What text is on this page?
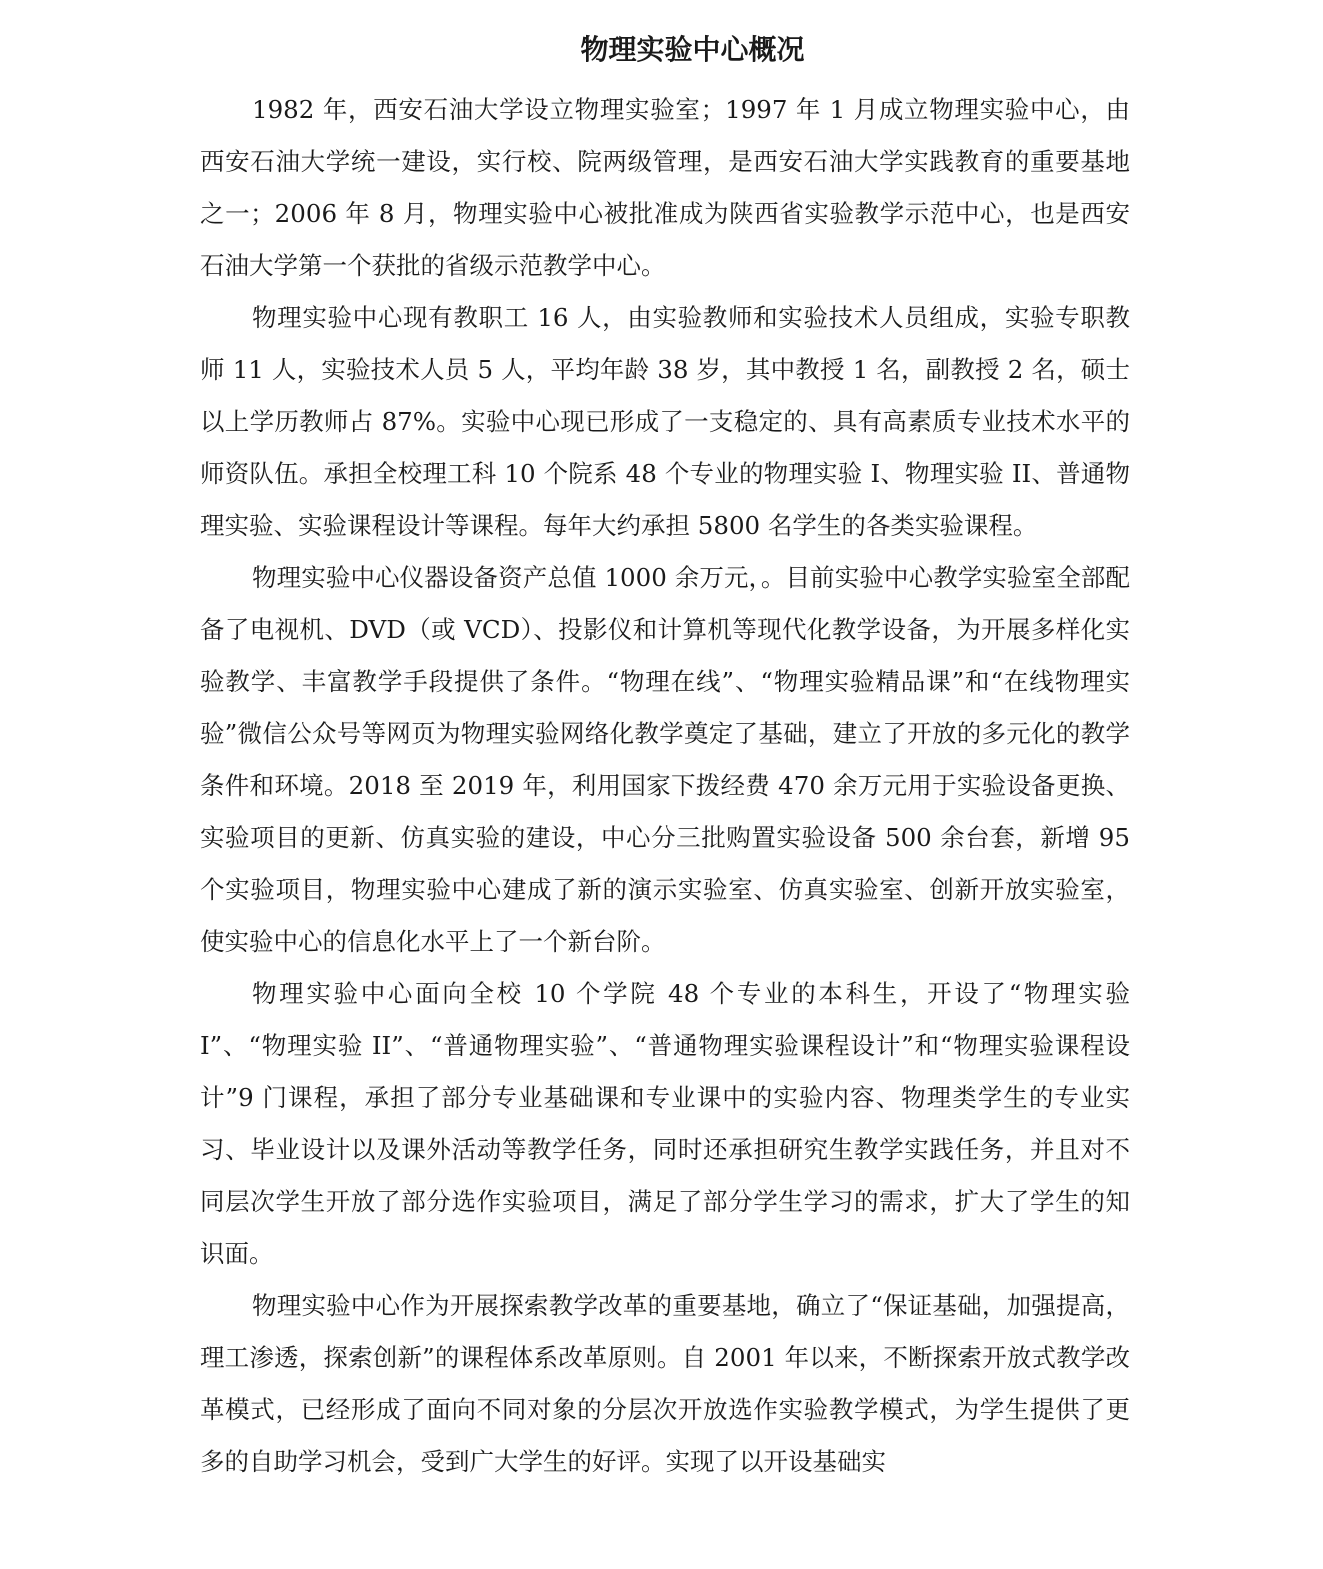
物理实验中心概况

1982 年，西安石油大学设立物理实验室；1997 年 1 月成立物理实验中心，由西安石油大学统一建设，实行校、院两级管理，是西安石油大学实践教育的重要基地之一；2006 年 8 月，物理实验中心被批准成为陕西省实验教学示范中心，也是西安石油大学第一个获批的省级示范教学中心。

物理实验中心现有教职工 16 人，由实验教师和实验技术人员组成，实验专职教师 11 人，实验技术人员 5 人，平均年龄 38 岁，其中教授 1 名，副教授 2 名，硕士以上学历教师占 87%。实验中心现已形成了一支稳定的、具有高素质专业技术水平的师资队伍。承担全校理工科 10 个院系 48 个专业的物理实验 I、物理实验 II、普通物理实验、实验课程设计等课程。每年大约承担 5800 名学生的各类实验课程。

物理实验中心仪器设备资产总值 1000 余万元，。目前实验中心教学实验室全部配备了电视机、DVD（或 VCD）、投影仪和计算机等现代化教学设备，为开展多样化实验教学、丰富教学手段提供了条件。“物理在线”、“物理实验精品课”和“在线物理实验”微信公众号等网页为物理实验网络化教学奠定了基础，建立了开放的多元化的教学条件和环境。2018 至 2019 年，利用国家下拨经费 470 余万元用于实验设备更换、实验项目的更新、仿真实验的建设，中心分三批购置实验设备 500 余台套，新增 95 个实验项目，物理实验中心建成了新的演示实验室、仿真实验室、创新开放实验室，使实验中心的信息化水平上了一个新台阶。

物理实验中心面向全校 10 个学院 48 个专业的本科生，开设了“物理实验 I”、“物理实验 II”、“普通物理实验”、“普通物理实验课程设计”和“物理实验课程设计”9 门课程，承担了部分专业基础课和专业课中的实验内容、物理类学生的专业实习、毕业设计以及课外活动等教学任务，同时还承担研究生教学实践任务，并且对不同层次学生开放了部分选作实验项目，满足了部分学生学习的需求，扩大了学生的知识面。

物理实验中心作为开展探索教学改革的重要基地，确立了“保证基础，加强提高，理工渗透，探索创新”的课程体系改革原则。自 2001 年以来，不断探索开放式教学改革模式，已经形成了面向不同对象的分层次开放选作实验教学模式，为学生提供了更多的自助学习机会，受到广大学生的好评。实现了以开设基础实
